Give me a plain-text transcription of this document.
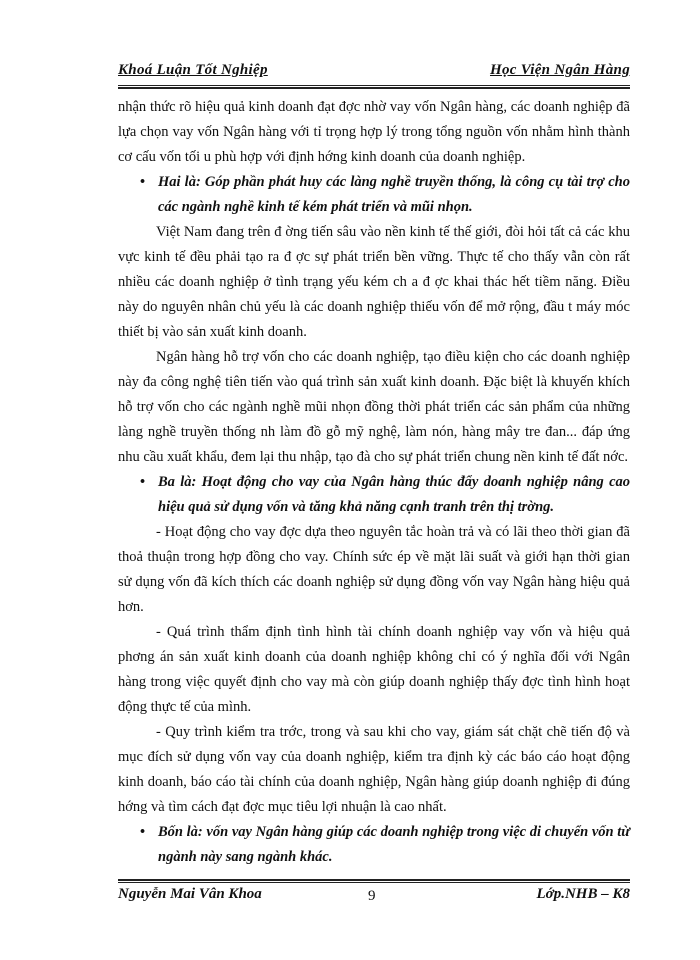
Khoá Luận Tốt Nghiệp	Học Viện Ngân Hàng

nhận thức rõ hiệu quả kinh doanh đạt đợc nhờ vay vốn Ngân hàng, các doanh nghiệp đã lựa chọn vay vốn Ngân hàng với tỉ trọng hợp lý trong tổng nguồn vốn nhằm hình thành cơ cấu vốn tối u phù hợp với định hớng kinh doanh của doanh nghiệp.

• Hai là: Góp phần phát huy các làng nghề truyền thống, là công cụ tài trợ cho các ngành nghề kinh tế kém phát triển và mũi nhọn.

Việt Nam đang trên đ ờng tiến sâu vào nền kinh tế thế giới, đòi hỏi tất cả các khu vực kinh tế đều phải tạo ra đ ợc sự phát triển bền vững. Thực tế cho thấy vẫn còn rất nhiều các doanh nghiệp ở tình trạng yếu kém ch a đ ợc khai thác hết tiềm năng. Điều này do nguyên nhân chủ yếu là các doanh nghiệp thiếu vốn để mở rộng, đầu t máy móc thiết bị vào sản xuất kinh doanh.

Ngân hàng hỗ trợ vốn cho các doanh nghiệp, tạo điều kiện cho các doanh nghiệp này đa công nghệ tiên tiến vào quá trình sản xuất kinh doanh. Đặc biệt là khuyến khích hỗ trợ vốn cho các ngành nghề mũi nhọn đồng thời phát triển các sản phẩm của những làng nghề truyền thống nh làm đồ gỗ mỹ nghệ, làm nón, hàng mây tre đan... đáp ứng nhu cầu xuất khẩu, đem lại thu nhập, tạo đà cho sự phát triển chung nền kinh tế đất nớc.

• Ba là: Hoạt động cho vay của Ngân hàng thúc đẩy doanh nghiệp nâng cao hiệu quả sử dụng vốn và tăng khả năng cạnh tranh trên thị trờng.

- Hoạt động cho vay đợc dựa theo nguyên tắc hoàn trả và có lãi theo thời gian đã thoả thuận trong hợp đồng cho vay. Chính sức ép về mặt lãi suất và giới hạn thời gian sử dụng vốn đã kích thích các doanh nghiệp sử dụng đồng vốn vay Ngân hàng hiệu quả hơn.

- Quá trình thẩm định tình hình tài chính doanh nghiệp vay vốn và hiệu quả phơng án sản xuất kinh doanh của doanh nghiệp không chỉ có ý nghĩa đối với Ngân hàng trong việc quyết định cho vay mà còn giúp doanh nghiệp thấy đợc tình hình hoạt động thực tế của mình.

- Quy trình kiểm tra trớc, trong và sau khi cho vay, giám sát chặt chẽ tiến độ và mục đích sử dụng vốn vay của doanh nghiệp, kiểm tra định kỳ các báo cáo hoạt động kinh doanh, báo cáo tài chính của doanh nghiệp, Ngân hàng giúp doanh nghiệp đi đúng hớng và tìm cách đạt đợc mục tiêu lợi nhuận là cao nhất.

• Bốn là: vốn vay Ngân hàng giúp các doanh nghiệp trong việc di chuyển vốn từ ngành này sang ngành khác.

Nguyễn Mai Vân Khoa	9	Lớp.NHB – K8
